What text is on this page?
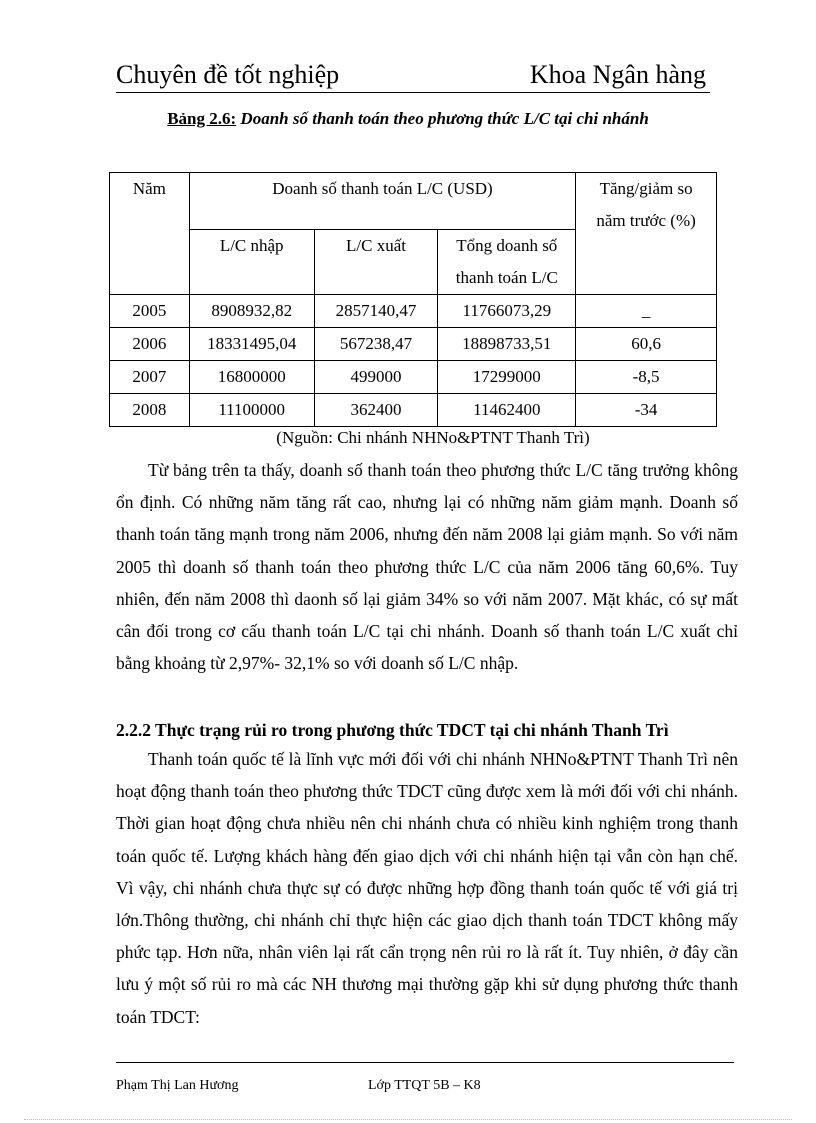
Chuyên đề tốt nghiệp	Khoa Ngân hàng
Bảng 2.6: Doanh số thanh toán theo phương thức L/C tại chi nhánh
Năm	Doanh số thanh toán L/C (USD)			Tăng/giảm so năm trước (%)
	L/C nhập	L/C xuất	Tổng doanh số thanh toán L/C	
2005	8908932,82	2857140,47	11766073,29	_
2006	18331495,04	567238,47	18898733,51	60,6
2007	16800000	499000	17299000	-8,5
2008	11100000	362400	11462400	-34
(Nguồn: Chi nhánh NHNo&PTNT Thanh Trì)

Từ bảng trên ta thấy, doanh số thanh toán theo phương thức L/C tăng trưởng không ổn định. Có những năm tăng rất cao, nhưng lại có những năm giảm mạnh. Doanh số thanh toán tăng mạnh trong năm 2006, nhưng đến năm 2008 lại giảm mạnh. So với năm 2005 thì doanh số thanh toán theo phương thức L/C của năm 2006 tăng 60,6%. Tuy nhiên, đến năm 2008 thì daonh số lại giảm 34% so với năm 2007. Mặt khác, có sự mất cân đối trong cơ cấu thanh toán L/C tại chi nhánh. Doanh số thanh toán L/C xuất chỉ bằng khoảng từ 2,97%- 32,1% so với doanh số L/C nhập.

2.2.2 Thực trạng rủi ro trong phương thức TDCT tại chi nhánh Thanh Trì

Thanh toán quốc tế là lĩnh vực mới đối với chi nhánh NHNo&PTNT Thanh Trì nên hoạt động thanh toán theo phương thức TDCT cũng được xem là mới đối với chi nhánh. Thời gian hoạt động chưa nhiều nên chi nhánh chưa có nhiều kinh nghiệm trong thanh toán quốc tế. Lượng khách hàng đến giao dịch với chi nhánh hiện tại vẫn còn hạn chế. Vì vậy, chi nhánh chưa thực sự có được những hợp đồng thanh toán quốc tế với giá trị lớn.Thông thường, chi nhánh chỉ thực hiện các giao dịch thanh toán TDCT không mấy phức tạp. Hơn nữa, nhân viên lại rất cẩn trọng nên rủi ro là rất ít. Tuy nhiên, ở đây cần lưu ý một số rủi ro mà các NH thương mại thường gặp khi sử dụng phương thức thanh toán TDCT:

Phạm Thị Lan Hương	Lớp TTQT 5B – K8
